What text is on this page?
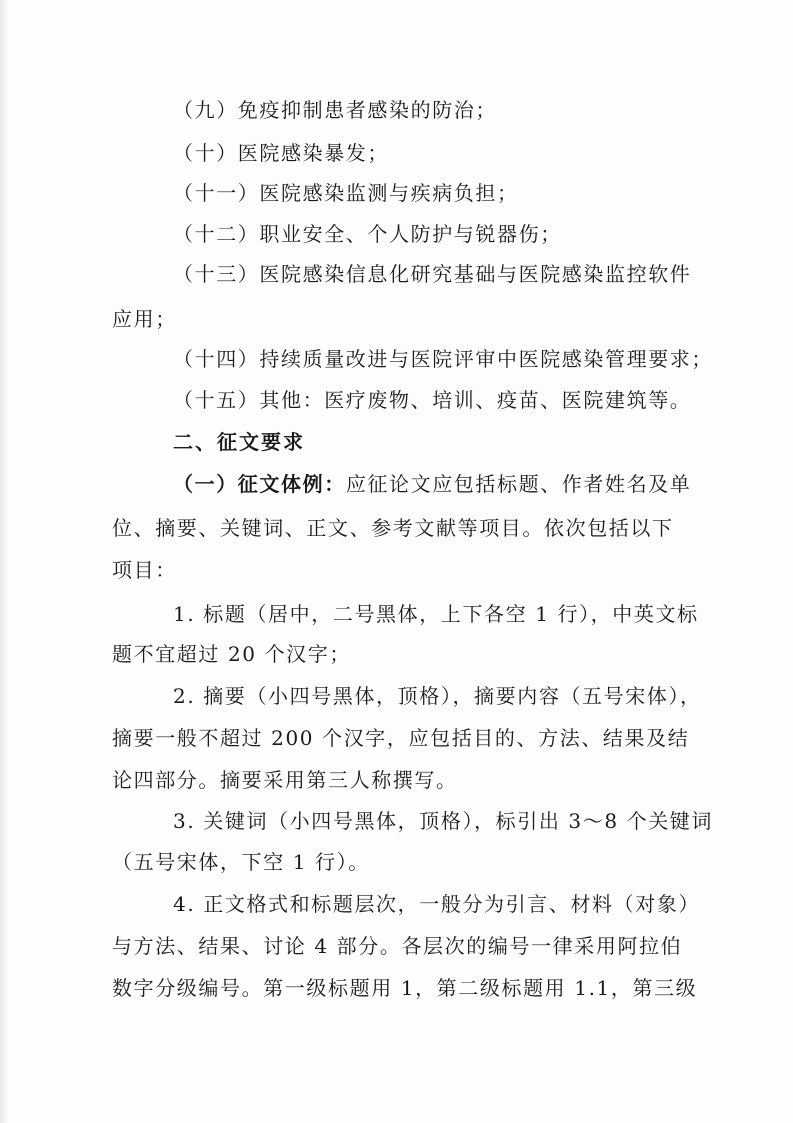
（九）免疫抑制患者感染的防治；
（十）医院感染暴发；
（十一）医院感染监测与疾病负担；
（十二）职业安全、个人防护与锐器伤；
（十三）医院感染信息化研究基础与医院感染监控软件
应用；
（十四）持续质量改进与医院评审中医院感染管理要求；
（十五）其他：医疗废物、培训、疫苗、医院建筑等。
二、征文要求
（一）征文体例：应征论文应包括标题、作者姓名及单
位、摘要、关键词、正文、参考文献等项目。依次包括以下
项目：
1. 标题（居中，二号黑体，上下各空 1 行），中英文标
题不宜超过 20 个汉字；
2. 摘要（小四号黑体，顶格），摘要内容（五号宋体），
摘要一般不超过 200 个汉字，应包括目的、方法、结果及结
论四部分。摘要采用第三人称撰写。
3. 关键词（小四号黑体，顶格），标引出 3～8 个关键词
（五号宋体，下空 1 行）。
4. 正文格式和标题层次，一般分为引言、材料（对象）
与方法、结果、讨论 4 部分。各层次的编号一律采用阿拉伯
数字分级编号。第一级标题用 1，第二级标题用 1.1，第三级
